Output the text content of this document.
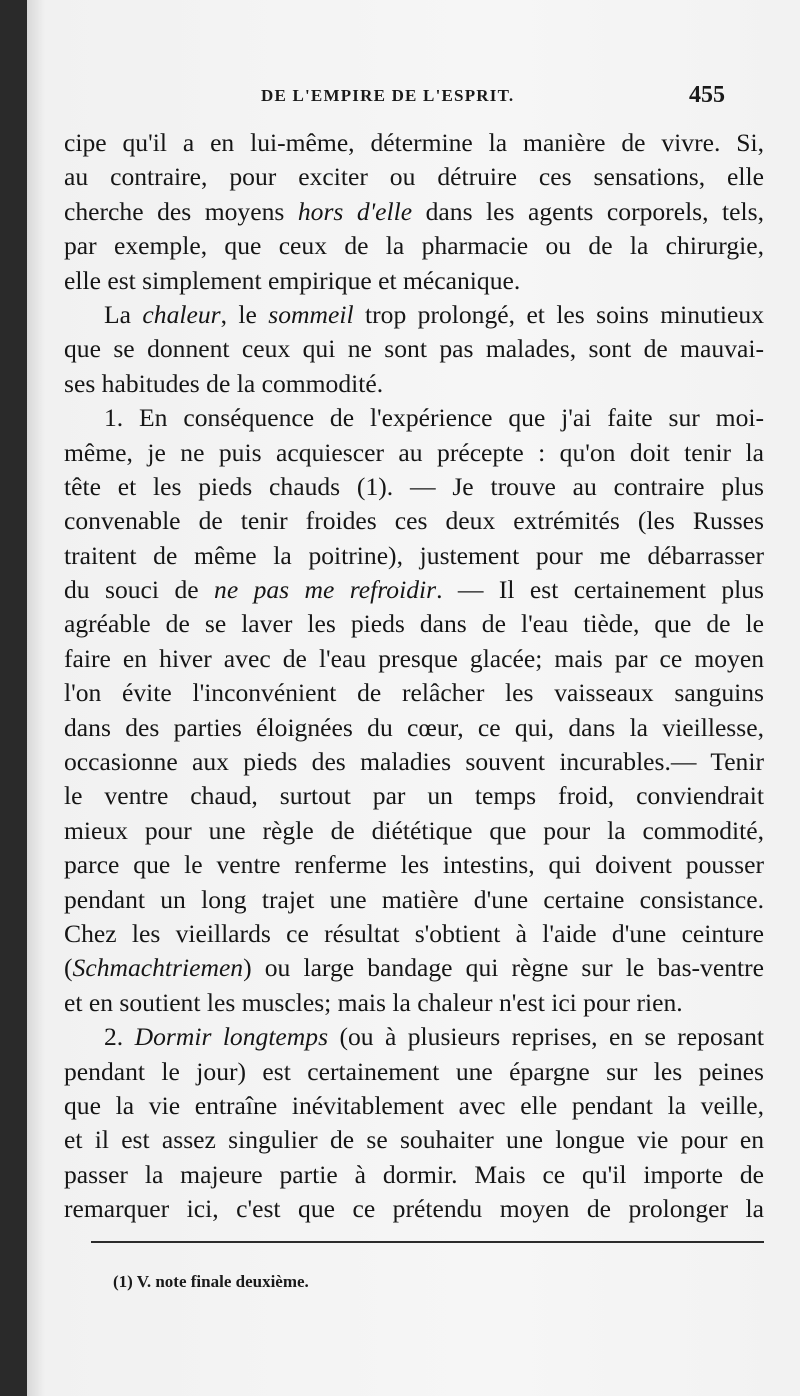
DE L'EMPIRE DE L'ESPRIT.	455
cipe qu'il a en lui-même, détermine la manière de vivre. Si,
au contraire, pour exciter ou détruire ces sensations, elle
cherche des moyens hors d'elle dans les agents corporels, tels,
par exemple, que ceux de la pharmacie ou de la chirurgie,
elle est simplement empirique et mécanique.
La chaleur, le sommeil trop prolongé, et les soins minutieux
que se donnent ceux qui ne sont pas malades, sont de mauvai-
ses habitudes de la commodité.
1. En conséquence de l'expérience que j'ai faite sur moi-
même, je ne puis acquiescer au précepte : qu'on doit tenir la
tête et les pieds chauds (1). — Je trouve au contraire plus
convenable de tenir froides ces deux extrémités (les Russes
traitent de même la poitrine), justement pour me débarrasser
du souci de ne pas me refroidir. — Il est certainement plus
agréable de se laver les pieds dans de l'eau tiède, que de le
faire en hiver avec de l'eau presque glacée; mais par ce moyen
l'on évite l'inconvénient de relâcher les vaisseaux sanguins
dans des parties éloignées du cœur, ce qui, dans la vieillesse,
occasionne aux pieds des maladies souvent incurables.— Tenir
le ventre chaud, surtout par un temps froid, conviendrait
mieux pour une règle de diététique que pour la commodité,
parce que le ventre renferme les intestins, qui doivent pousser
pendant un long trajet une matière d'une certaine consistance.
Chez les vieillards ce résultat s'obtient à l'aide d'une ceinture
(Schmachtriemen) ou large bandage qui règne sur le bas-ventre
et en soutient les muscles; mais la chaleur n'est ici pour rien.
2. Dormir longtemps (ou à plusieurs reprises, en se reposant
pendant le jour) est certainement une épargne sur les peines
que la vie entraîne inévitablement avec elle pendant la veille,
et il est assez singulier de se souhaiter une longue vie pour en
passer la majeure partie à dormir. Mais ce qu'il importe de
remarquer ici, c'est que ce prétendu moyen de prolonger la
(1) V. note finale deuxième.
